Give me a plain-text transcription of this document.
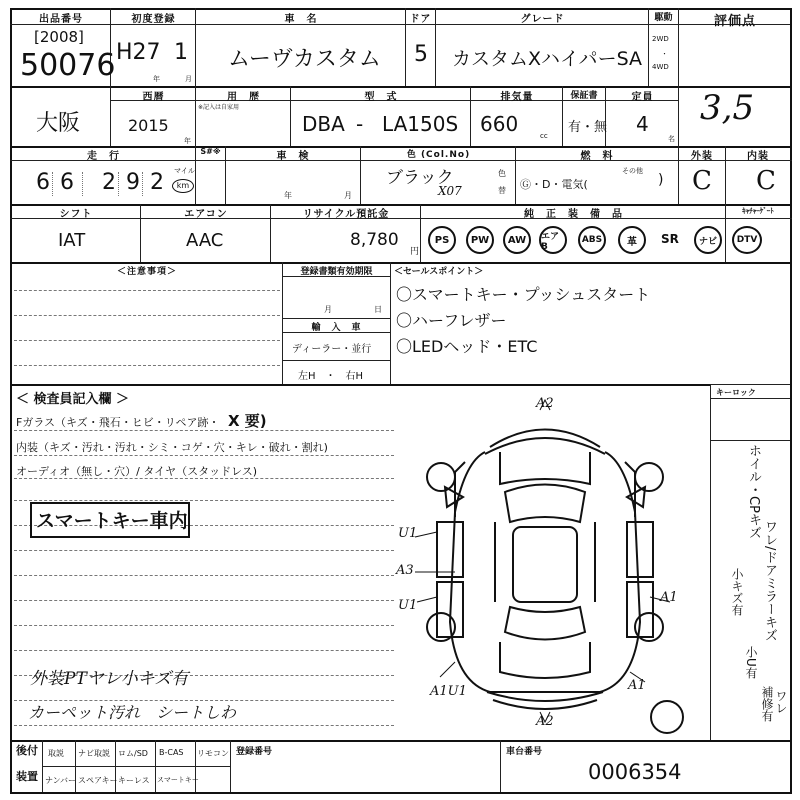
出品番号
[2008]
50076
初度登録
H27 1
年	月
車　名
ムーヴカスタム
ドア
5
グレード
カスタムXハイパーSA
駆動
2WD
・
4WD
評価点
3,5
大阪
西暦
2015
年
用　歴
※記入は自家用
型　式
DBA - LA150S
排気量
660	cc
保証書
有・無
定員
4
名
走　行
6 6 2 9 2	マイル
km
S#※	車　検
年	月
色 (Col.No)
ブラック
X07
色
替
燃　料
Ⓖ・D・電気(
その他
)
外装
C
内装
C
シフト
IAT
エアコン
AAC
リサイクル預託金
8,780
円
純　正　装　備　品	ｷｬﾁｬｰｹﾞｰﾄ
PS	PW	AW	エアB
ABS	革	SR	ナビ	DTV
＜注意事項＞	登録書類有効期限
月	日
輸　入　車
ディーラー・並行
左H　・　右H
＜セールスポイント＞
〇スマートキー・プッシュスタート
〇ハーフレザー
〇LEDヘッド・ETC
＜ 検査員記入欄 ＞
Fガラス（キズ・飛石・ヒビ・リペア跡・ X 要)
内装（キズ・汚れ・汚れ・シミ・コゲ・穴・キレ・破れ・割れ)
オーディオ（無し・穴）/ タイヤ（スタッドレス)
スマートキー車内
外装PTヤレ小キズ有
カーペット汚れ　シートしわ
A2
A2
U1
A3
U1
A1
A1U1	A1
キーロック
ホイル・CPキズ
ワレ/ドアミラーキズ
小キズ有
小U有
補修有 ワレ
後付
装置
取説 ナビ取説 ロム/SD B-CAS リモコン
ナンバー スペアキー キーレス スマートキー
登録番号	車台番号
0006354
